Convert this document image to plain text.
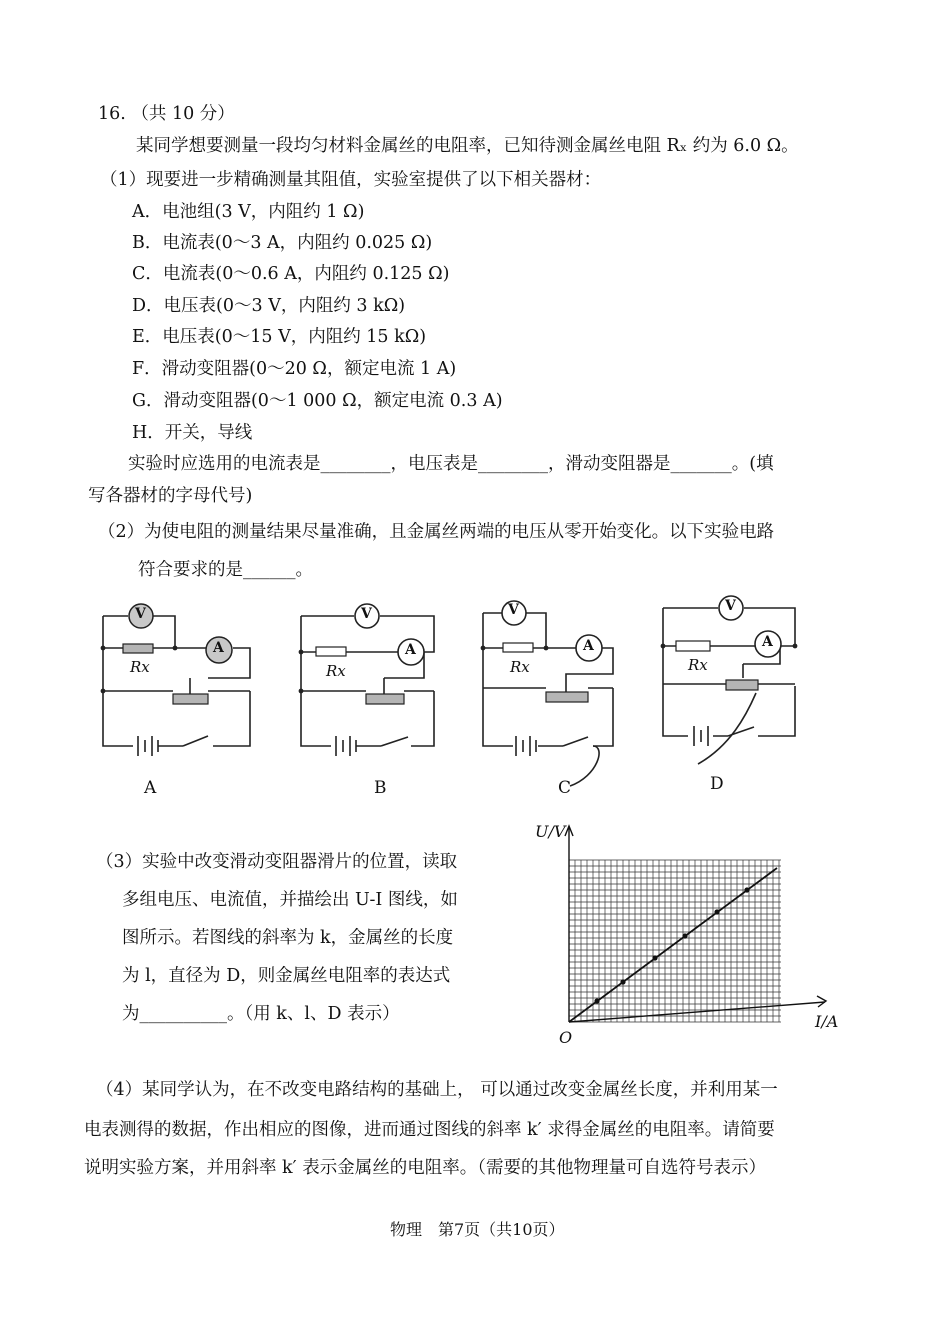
16. （共 10 分）
某同学想要测量一段均匀材料金属丝的电阻率，已知待测金属丝电阻 Rₓ 约为 6.0 Ω。
（1）现要进一步精确测量其阻值，实验室提供了以下相关器材：
A．电池组(3 V，内阻约 1 Ω)
B．电流表(0～3 A，内阻约 0.025 Ω)
C．电流表(0～0.6 A，内阻约 0.125 Ω)
D．电压表(0～3 V，内阻约 3 kΩ)
E．电压表(0～15 V，内阻约 15 kΩ)
F．滑动变阻器(0～20 Ω，额定电流 1 A)
G．滑动变阻器(0～1 000 Ω，额定电流 0.3 A)
H．开关，导线
实验时应选用的电流表是________，电压表是________，滑动变阻器是_______。(填
写各器材的字母代号)
（2）为使电阻的测量结果尽量准确，且金属丝两端的电压从零开始变化。以下实验电路
符合要求的是______。
V
A
Rx
A
V
A
Rx
B
V
A
Rx
C
V
A
Rx
D
（3）实验中改变滑动变阻器滑片的位置，读取
多组电压、电流值，并描绘出 U-I 图线，如
图所示。若图线的斜率为 k，金属丝的长度
为 l，直径为 D，则金属丝电阻率的表达式
为__________。（用 k、l、D 表示）
U/V
I/A
O
（4）某同学认为，在不改变电路结构的基础上， 可以通过改变金属丝长度，并利用某一
电表测得的数据，作出相应的图像，进而通过图线的斜率 k′ 求得金属丝的电阻率。请简要
说明实验方案，并用斜率 k′ 表示金属丝的电阻率。（需要的其他物理量可自选符号表示）
物理　第7页（共10页）
